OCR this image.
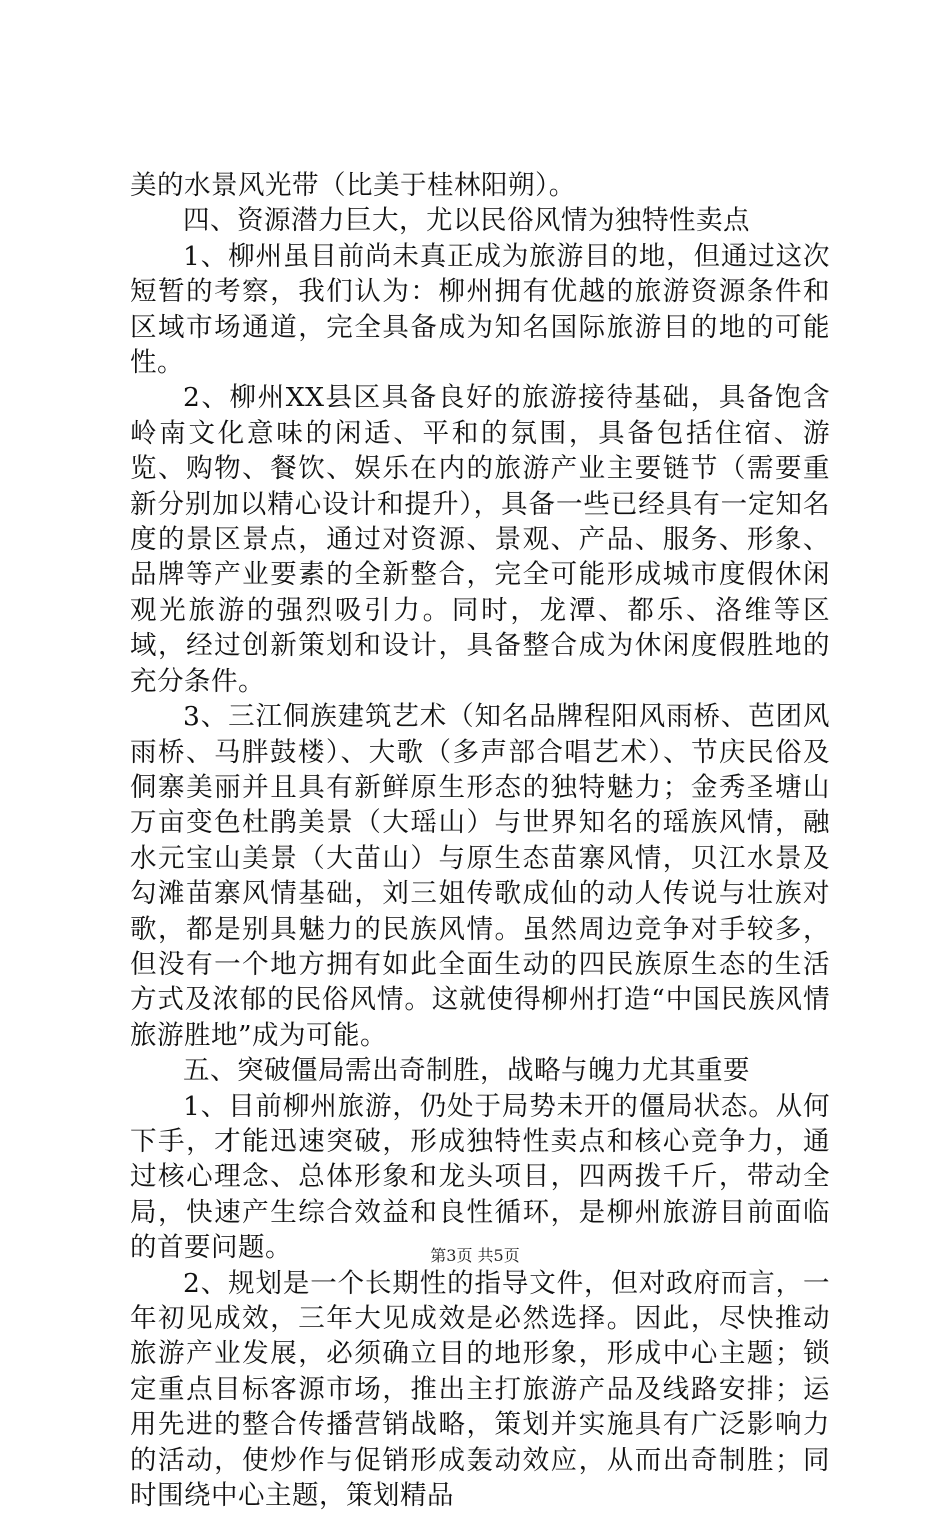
美的水景风光带（比美于桂林阳朔）。

四、资源潜力巨大，尤以民俗风情为独特性卖点

1、柳州虽目前尚未真正成为旅游目的地，但通过这次短暂的考察，我们认为：柳州拥有优越的旅游资源条件和区域市场通道，完全具备成为知名国际旅游目的地的可能性。

2、柳州XX县区具备良好的旅游接待基础，具备饱含岭南文化意味的闲适、平和的氛围，具备包括住宿、游览、购物、餐饮、娱乐在内的旅游产业主要链节（需要重新分别加以精心设计和提升），具备一些已经具有一定知名度的景区景点，通过对资源、景观、产品、服务、形象、品牌等产业要素的全新整合，完全可能形成城市度假休闲观光旅游的强烈吸引力。同时，龙潭、都乐、洛维等区域，经过创新策划和设计，具备整合成为休闲度假胜地的充分条件。

3、三江侗族建筑艺术（知名品牌程阳风雨桥、芭团风雨桥、马胖鼓楼）、大歌（多声部合唱艺术）、节庆民俗及侗寨美丽并且具有新鲜原生形态的独特魅力；金秀圣塘山万亩变色杜鹃美景（大瑶山）与世界知名的瑶族风情，融水元宝山美景（大苗山）与原生态苗寨风情，贝江水景及勾滩苗寨风情基础，刘三姐传歌成仙的动人传说与壮族对歌，都是别具魅力的民族风情。虽然周边竞争对手较多，但没有一个地方拥有如此全面生动的四民族原生态的生活方式及浓郁的民俗风情。这就使得柳州打造“中国民族风情旅游胜地”成为可能。

五、突破僵局需出奇制胜，战略与魄力尤其重要

1、目前柳州旅游，仍处于局势未开的僵局状态。从何下手，才能迅速突破，形成独特性卖点和核心竞争力，通过核心理念、总体形象和龙头项目，四两拨千斤，带动全局，快速产生综合效益和良性循环，是柳州旅游目前面临的首要问题。

2、规划是一个长期性的指导文件，但对政府而言，一年初见成效，三年大见成效是必然选择。因此，尽快推动旅游产业发展，必须确立目的地形象，形成中心主题；锁定重点目标客源市场，推出主打旅游产品及线路安排；运用先进的整合传播营销战略，策划并实施具有广泛影响力的活动，使炒作与促销形成轰动效应，从而出奇制胜；同时围绕中心主题，策划精品

第3页 共5页
